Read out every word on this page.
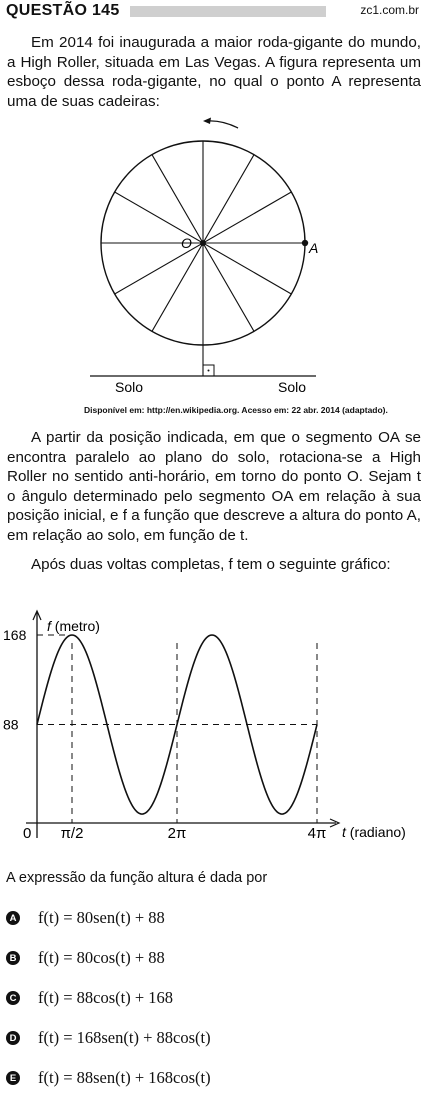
QUESTÃO 145	zc1.com.br

Em 2014 foi inaugurada a maior roda-gigante do mundo, a High Roller, situada em Las Vegas. A figura representa um esboço dessa roda-gigante, no qual o ponto A representa uma de suas cadeiras:

O	A
Solo	Solo
Disponível em: http://en.wikipedia.org. Acesso em: 22 abr. 2014 (adaptado).

A partir da posição indicada, em que o segmento OA se encontra paralelo ao plano do solo, rotaciona-se a High Roller no sentido anti-horário, em torno do ponto O. Sejam t o ângulo determinado pelo segmento OA em relação à sua posição inicial, e f a função que descreve a altura do ponto A, em relação ao solo, em função de t.

Após duas voltas completas, f tem o seguinte gráfico:

f (metro)
t (radiano)
168
88
0 π/2	2π	4π
A expressão da função altura é dada por
A f(t) = 80sen(t) + 88
B f(t) = 80cos(t) + 88
C f(t) = 88cos(t) + 168
D f(t) = 168sen(t) + 88cos(t)
E f(t) = 88sen(t) + 168cos(t)
